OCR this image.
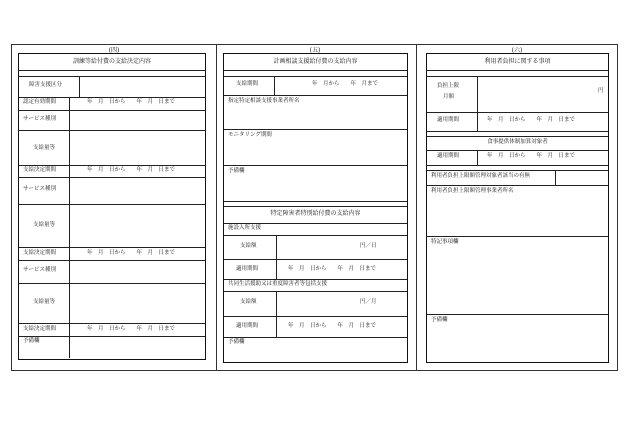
(四)
訓練等給付費の支給決定内容
障害支援区分
認定有効期間	年　月　日から　　年　月　日まで
サービス種別
支給量等
支給決定期間	年　月　日から　　年　月　日まで
サービス種別
支給量等
支給決定期間	年　月　日から　　年　月　日まで
サービス種別
支給量等
支給決定期間	年　月　日から　　年　月　日まで
予備欄
(五)
計画相談支援給付費の支給内容
支給期間	年　月から　　年　月まで
指定特定相談支援事業者所名
モニタリング期間
予備欄
特定障害者特別給付費の支給内容
施設入所支援
支給額	円／日
適用期間	年　月　日から　　年　月　日まで
共同生活援助又は重度障害者等包括支援
支給額	円／月
適用期間	年　月　日から　　年　月　日まで
予備欄
(六)
利用者負担に関する事項
負担上限
月額
円
適用期間	年　月　日から　　年　月　日まで
食事提供体制加算対象者
適用期間	年　月　日から　　年　月　日まで
利用者負担上限額管理対象者該当の有無
利用者負担上限額管理事業者所名
特記事項欄
予備欄
